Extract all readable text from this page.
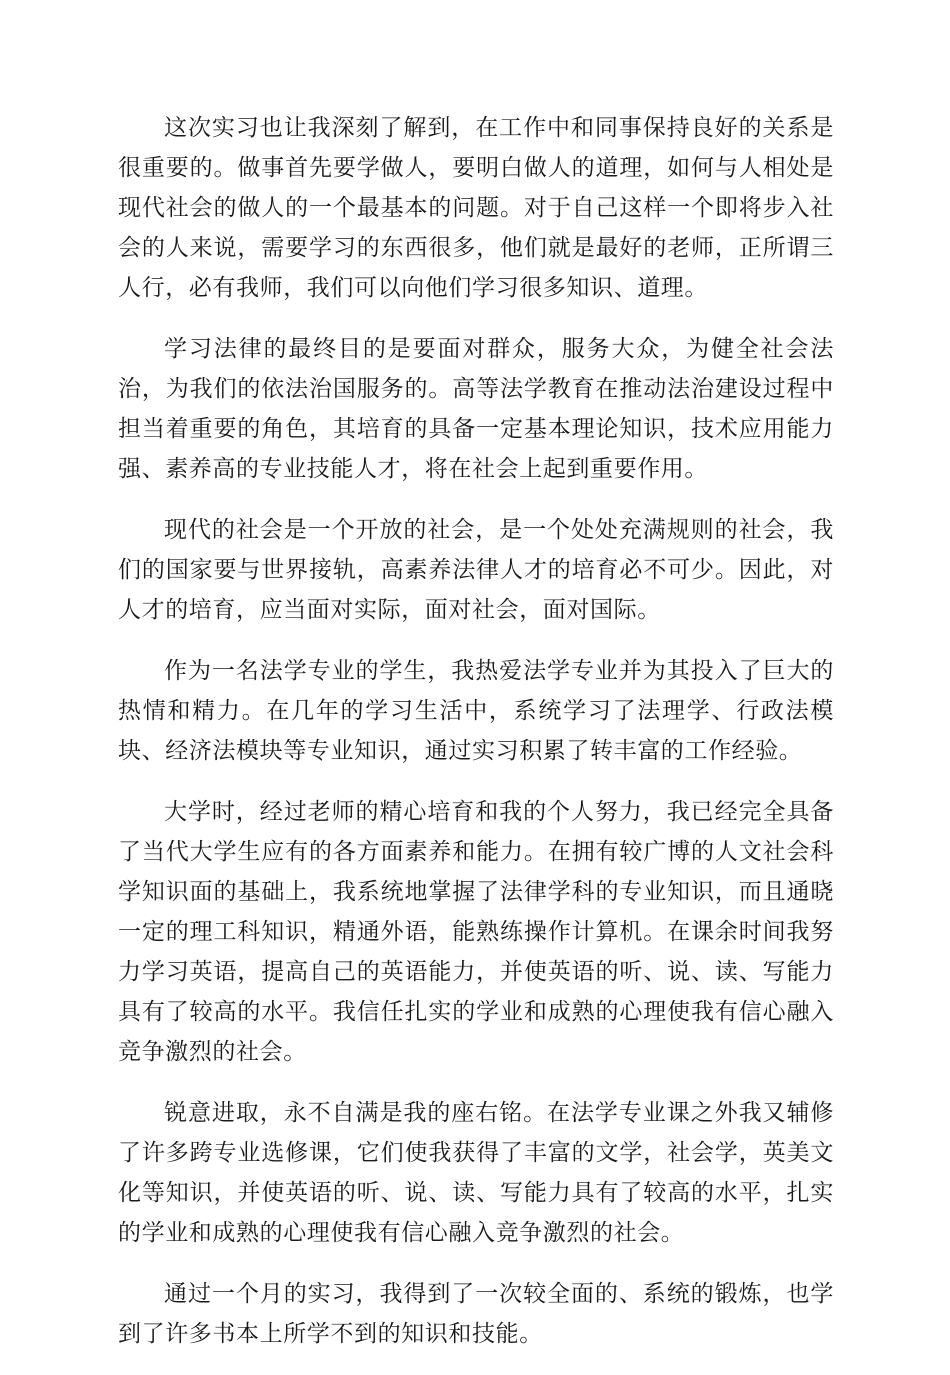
这次实习也让我深刻了解到，在工作中和同事保持良好的关系是很重要的。做事首先要学做人，要明白做人的道理，如何与人相处是现代社会的做人的一个最基本的问题。对于自己这样一个即将步入社会的人来说，需要学习的东西很多，他们就是最好的老师，正所谓三人行，必有我师，我们可以向他们学习很多知识、道理。

学习法律的最终目的是要面对群众，服务大众，为健全社会法治，为我们的依法治国服务的。高等法学教育在推动法治建设过程中担当着重要的角色，其培育的具备一定基本理论知识，技术应用能力强、素养高的专业技能人才，将在社会上起到重要作用。

现代的社会是一个开放的社会，是一个处处充满规则的社会，我们的国家要与世界接轨，高素养法律人才的培育必不可少。因此，对人才的培育，应当面对实际，面对社会，面对国际。

作为一名法学专业的学生，我热爱法学专业并为其投入了巨大的热情和精力。在几年的学习生活中，系统学习了法理学、行政法模块、经济法模块等专业知识，通过实习积累了转丰富的工作经验。

大学时，经过老师的精心培育和我的个人努力，我已经完全具备了当代大学生应有的各方面素养和能力。在拥有较广博的人文社会科学知识面的基础上，我系统地掌握了法律学科的专业知识，而且通晓一定的理工科知识，精通外语，能熟练操作计算机。在课余时间我努力学习英语，提高自己的英语能力，并使英语的听、说、读、写能力具有了较高的水平。我信任扎实的学业和成熟的心理使我有信心融入竞争激烈的社会。

锐意进取，永不自满是我的座右铭。在法学专业课之外我又辅修了许多跨专业选修课，它们使我获得了丰富的文学，社会学，英美文化等知识，并使英语的听、说、读、写能力具有了较高的水平，扎实的学业和成熟的心理使我有信心融入竞争激烈的社会。

通过一个月的实习，我得到了一次较全面的、系统的锻炼，也学到了许多书本上所学不到的知识和技能。
